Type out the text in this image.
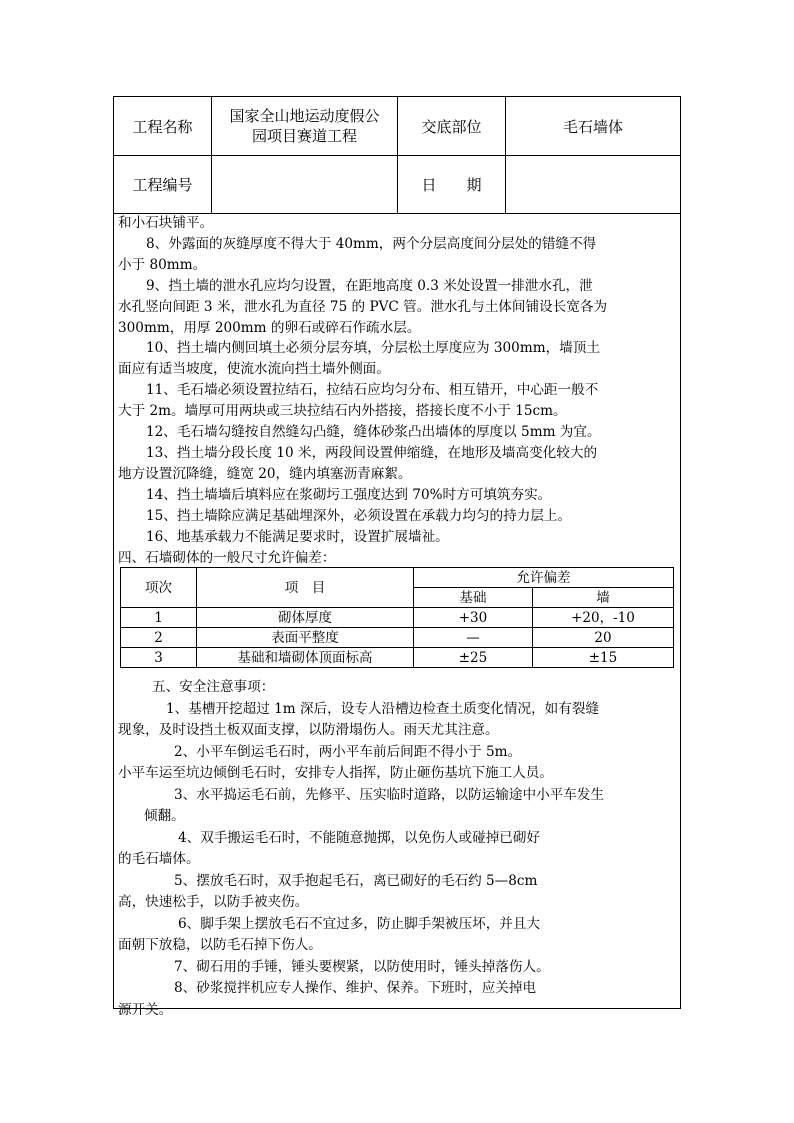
工程名称	国家全山地运动度假公
园项目赛道工程	交底部位	毛石墙体
工程编号		日　　期	
和小石块铺平。
8、外露面的灰缝厚度不得大于 40mm，两个分层高度间分层处的错缝不得
小于 80mm。
9、挡土墙的泄水孔应均匀设置，在距地高度 0.3 米处设置一排泄水孔，泄
水孔竖向间距 3 米，泄水孔为直径 75 的 PVC 管。泄水孔与土体间铺设长宽各为
300mm，用厚 200mm 的卵石或碎石作疏水层。
10、挡土墙内侧回填土必须分层夯填，分层松土厚度应为 300mm，墙顶土
面应有适当坡度，使流水流向挡土墙外侧面。
11、毛石墙必须设置拉结石，拉结石应均匀分布、相互错开，中心距一般不
大于 2m。墙厚可用两块或三块拉结石内外搭接，搭接长度不小于 15cm。
12、毛石墙勾缝按自然缝勾凸缝，缝体砂浆凸出墙体的厚度以 5mm 为宜。
13、挡土墙分段长度 10 米，两段间设置伸缩缝，在地形及墙高变化较大的
地方设置沉降缝，缝宽 20，缝内填塞沥青麻絮。
14、挡土墙墙后填料应在浆砌圬工强度达到 70%时方可填筑夯实。
15、挡土墙除应满足基础埋深外，必须设置在承载力均匀的持力层上。
16、地基承载力不能满足要求时，设置扩展墙祉。
四、石墙砌体的一般尺寸允许偏差：
项次	项　目	允许偏差	
		基础	墙
1	砌体厚度	+30	+20，-10
2	表面平整度	—	20
3	基础和墙砌体顶面标高	±25	±15
五、安全注意事项：
1、基槽开挖超过 1m 深后，设专人沿槽边检查土质变化情况，如有裂缝
现象，及时设挡土板双面支撑，以防滑塌伤人。雨天尤其注意。
2、小平车倒运毛石时，两小平车前后间距不得小于 5m。
小平车运至坑边倾倒毛石时，安排专人指挥，防止砸伤基坑下施工人员。
3、水平捣运毛石前，先修平、压实临时道路，以防运输途中小平车发生
倾翻。
4、双手搬运毛石时，不能随意抛掷，以免伤人或碰掉已砌好
的毛石墙体。
5、摆放毛石时，双手抱起毛石，离已砌好的毛石约 5—8cm
高，快速松手，以防手被夹伤。
6、脚手架上摆放毛石不宜过多，防止脚手架被压坏，并且大
面朝下放稳，以防毛石掉下伤人。
7、砌石用的手锤，锤头要楔紧，以防使用时，锤头掉落伤人。
8、砂浆搅拌机应专人操作、维护、保养。下班时，应关掉电
源开关。
